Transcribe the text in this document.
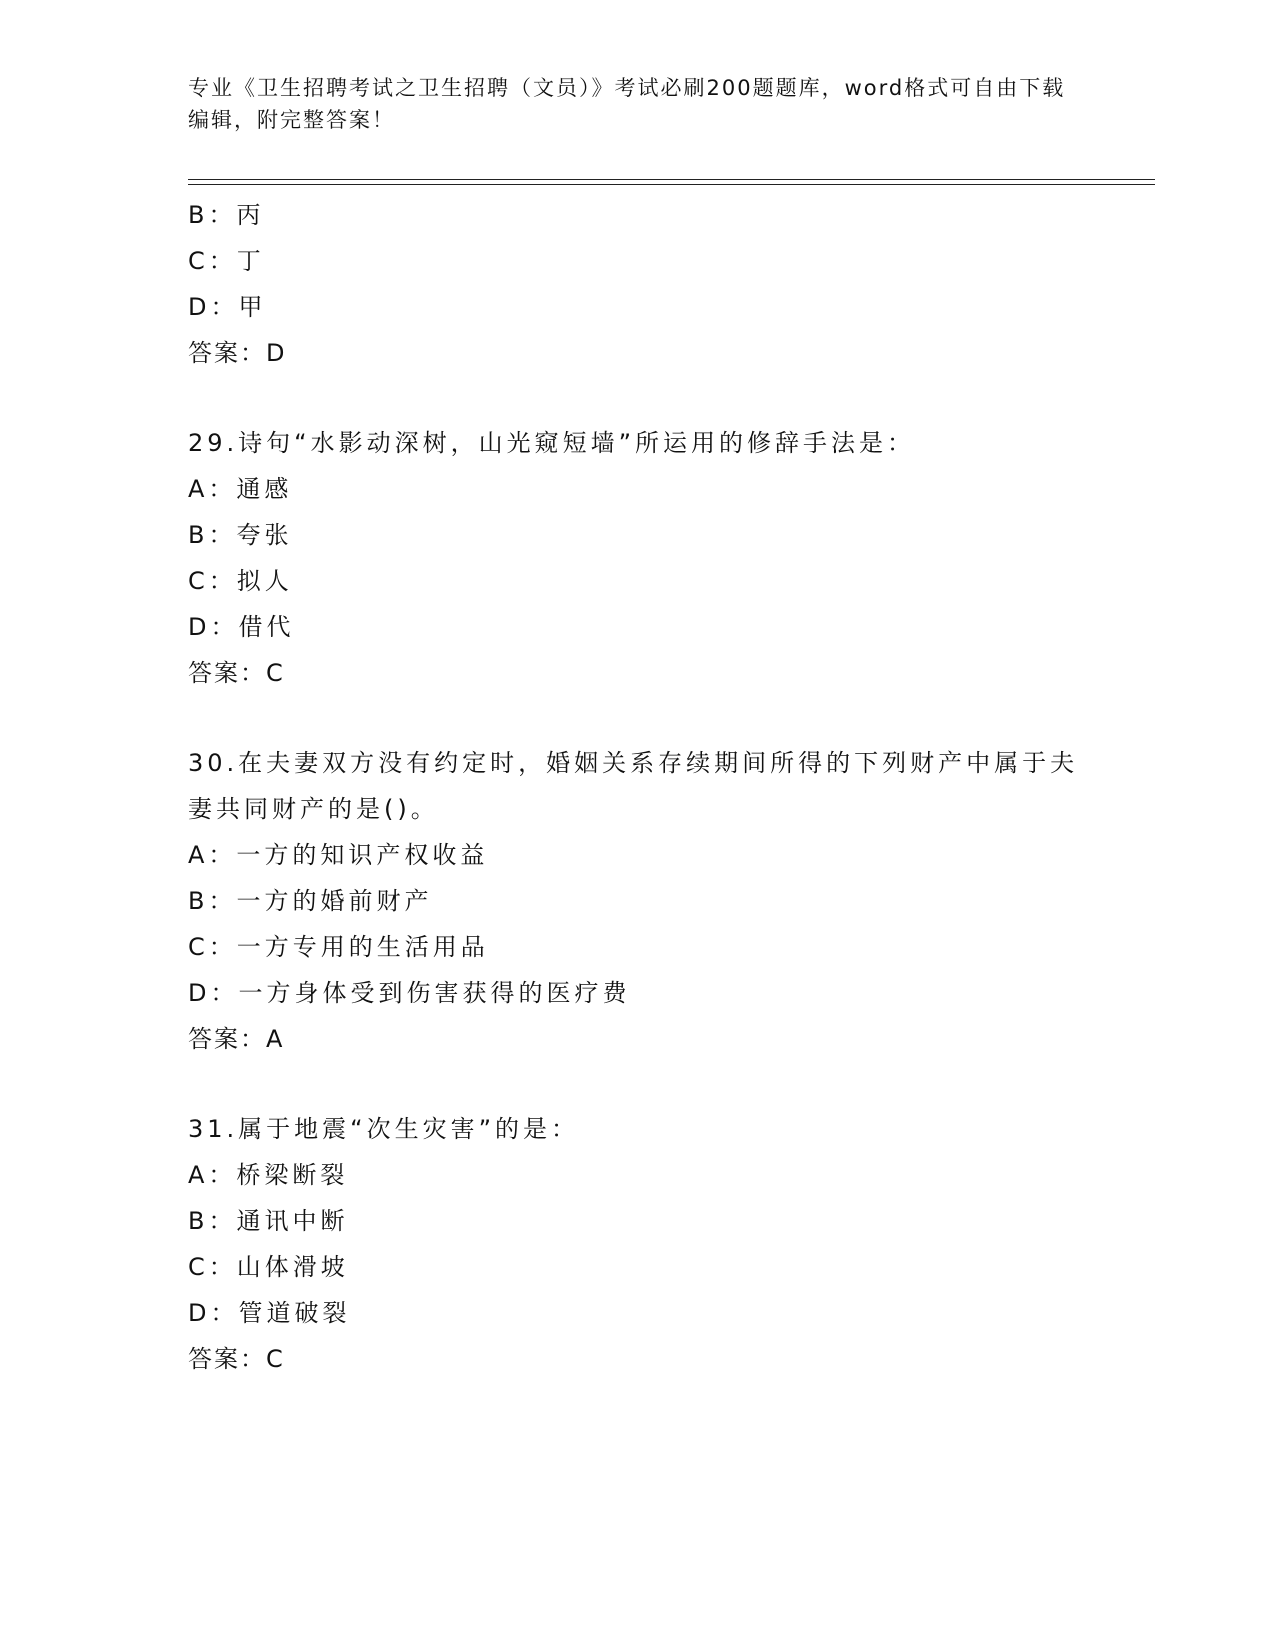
专业《卫生招聘考试之卫生招聘（文员）》考试必刷200题题库，word格式可自由下载编辑，附完整答案！
B：丙
C：丁
D：甲
答案：D
29.诗句“水影动深树，山光窥短墙”所运用的修辞手法是：
A：通感
B：夸张
C：拟人
D：借代
答案：C
30.在夫妻双方没有约定时，婚姻关系存续期间所得的下列财产中属于夫妻共同财产的是()。
A：一方的知识产权收益
B：一方的婚前财产
C：一方专用的生活用品
D：一方身体受到伤害获得的医疗费
答案：A
31.属于地震“次生灾害”的是：
A：桥梁断裂
B：通讯中断
C：山体滑坡
D：管道破裂
答案：C
